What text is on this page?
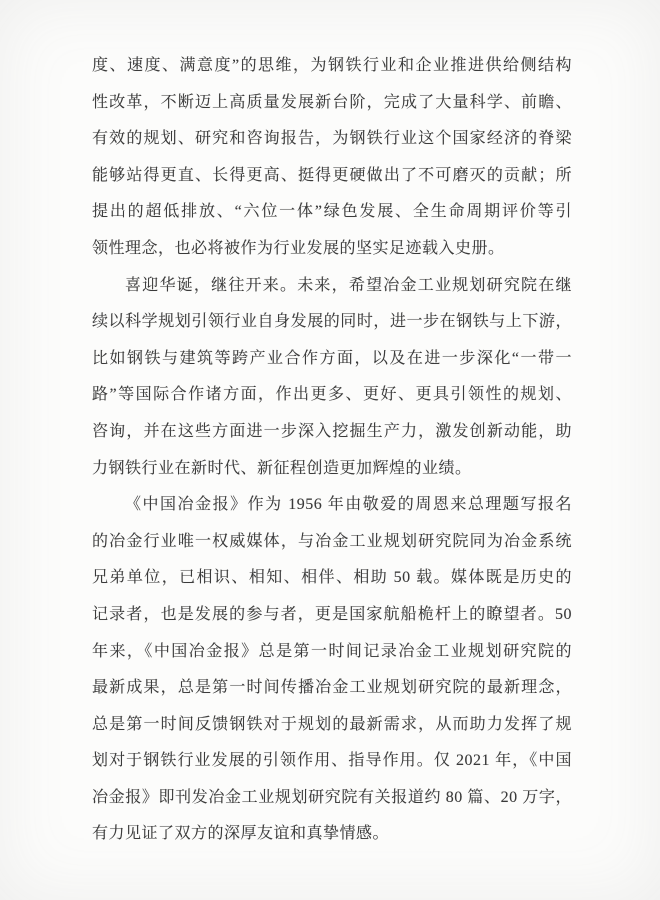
度、速度、满意度”的思维，为钢铁行业和企业推进供给侧结构
性改革，不断迈上高质量发展新台阶，完成了大量科学、前瞻、
有效的规划、研究和咨询报告，为钢铁行业这个国家经济的脊梁
能够站得更直、长得更高、挺得更硬做出了不可磨灭的贡献；所
提出的超低排放、“六位一体”绿色发展、全生命周期评价等引
领性理念，也必将被作为行业发展的坚实足迹载入史册。
喜迎华诞，继往开来。未来，希望冶金工业规划研究院在继
续以科学规划引领行业自身发展的同时，进一步在钢铁与上下游，
比如钢铁与建筑等跨产业合作方面，以及在进一步深化“一带一
路”等国际合作诸方面，作出更多、更好、更具引领性的规划、
咨询，并在这些方面进一步深入挖掘生产力，激发创新动能，助
力钢铁行业在新时代、新征程创造更加辉煌的业绩。
《中国冶金报》作为 1956 年由敬爱的周恩来总理题写报名
的冶金行业唯一权威媒体，与冶金工业规划研究院同为冶金系统
兄弟单位，已相识、相知、相伴、相助 50 载。媒体既是历史的
记录者，也是发展的参与者，更是国家航船桅杆上的瞭望者。50
年来，《中国冶金报》总是第一时间记录冶金工业规划研究院的
最新成果，总是第一时间传播冶金工业规划研究院的最新理念，
总是第一时间反馈钢铁对于规划的最新需求，从而助力发挥了规
划对于钢铁行业发展的引领作用、指导作用。仅 2021 年，《中国
冶金报》即刊发冶金工业规划研究院有关报道约 80 篇、20 万字，
有力见证了双方的深厚友谊和真挚情感。
